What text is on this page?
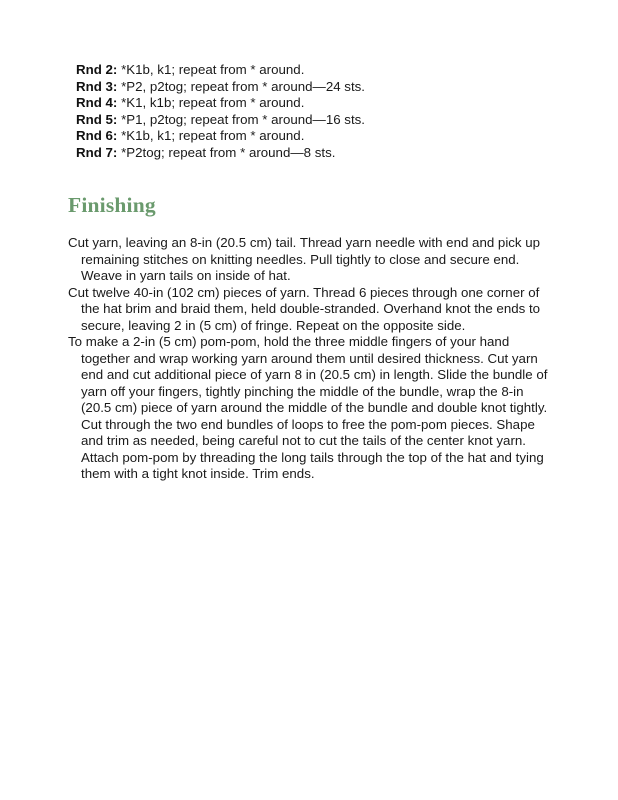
Rnd 2: *K1b, k1; repeat from * around.
Rnd 3: *P2, p2tog; repeat from * around—24 sts.
Rnd 4: *K1, k1b; repeat from * around.
Rnd 5: *P1, p2tog; repeat from * around—16 sts.
Rnd 6: *K1b, k1; repeat from * around.
Rnd 7: *P2tog; repeat from * around—8 sts.
Finishing

Cut yarn, leaving an 8-in (20.5 cm) tail. Thread yarn needle with end and pick up remaining stitches on knitting needles. Pull tightly to close and secure end. Weave in yarn tails on inside of hat.

Cut twelve 40-in (102 cm) pieces of yarn. Thread 6 pieces through one corner of the hat brim and braid them, held double-stranded. Overhand knot the ends to secure, leaving 2 in (5 cm) of fringe. Repeat on the opposite side.

To make a 2-in (5 cm) pom-pom, hold the three middle fingers of your hand together and wrap working yarn around them until desired thickness. Cut yarn end and cut additional piece of yarn 8 in (20.5 cm) in length. Slide the bundle of yarn off your fingers, tightly pinching the middle of the bundle, wrap the 8-in (20.5 cm) piece of yarn around the middle of the bundle and double knot tightly. Cut through the two end bundles of loops to free the pom-pom pieces. Shape and trim as needed, being careful not to cut the tails of the center knot yarn. Attach pom-pom by threading the long tails through the top of the hat and tying them with a tight knot inside. Trim ends.
